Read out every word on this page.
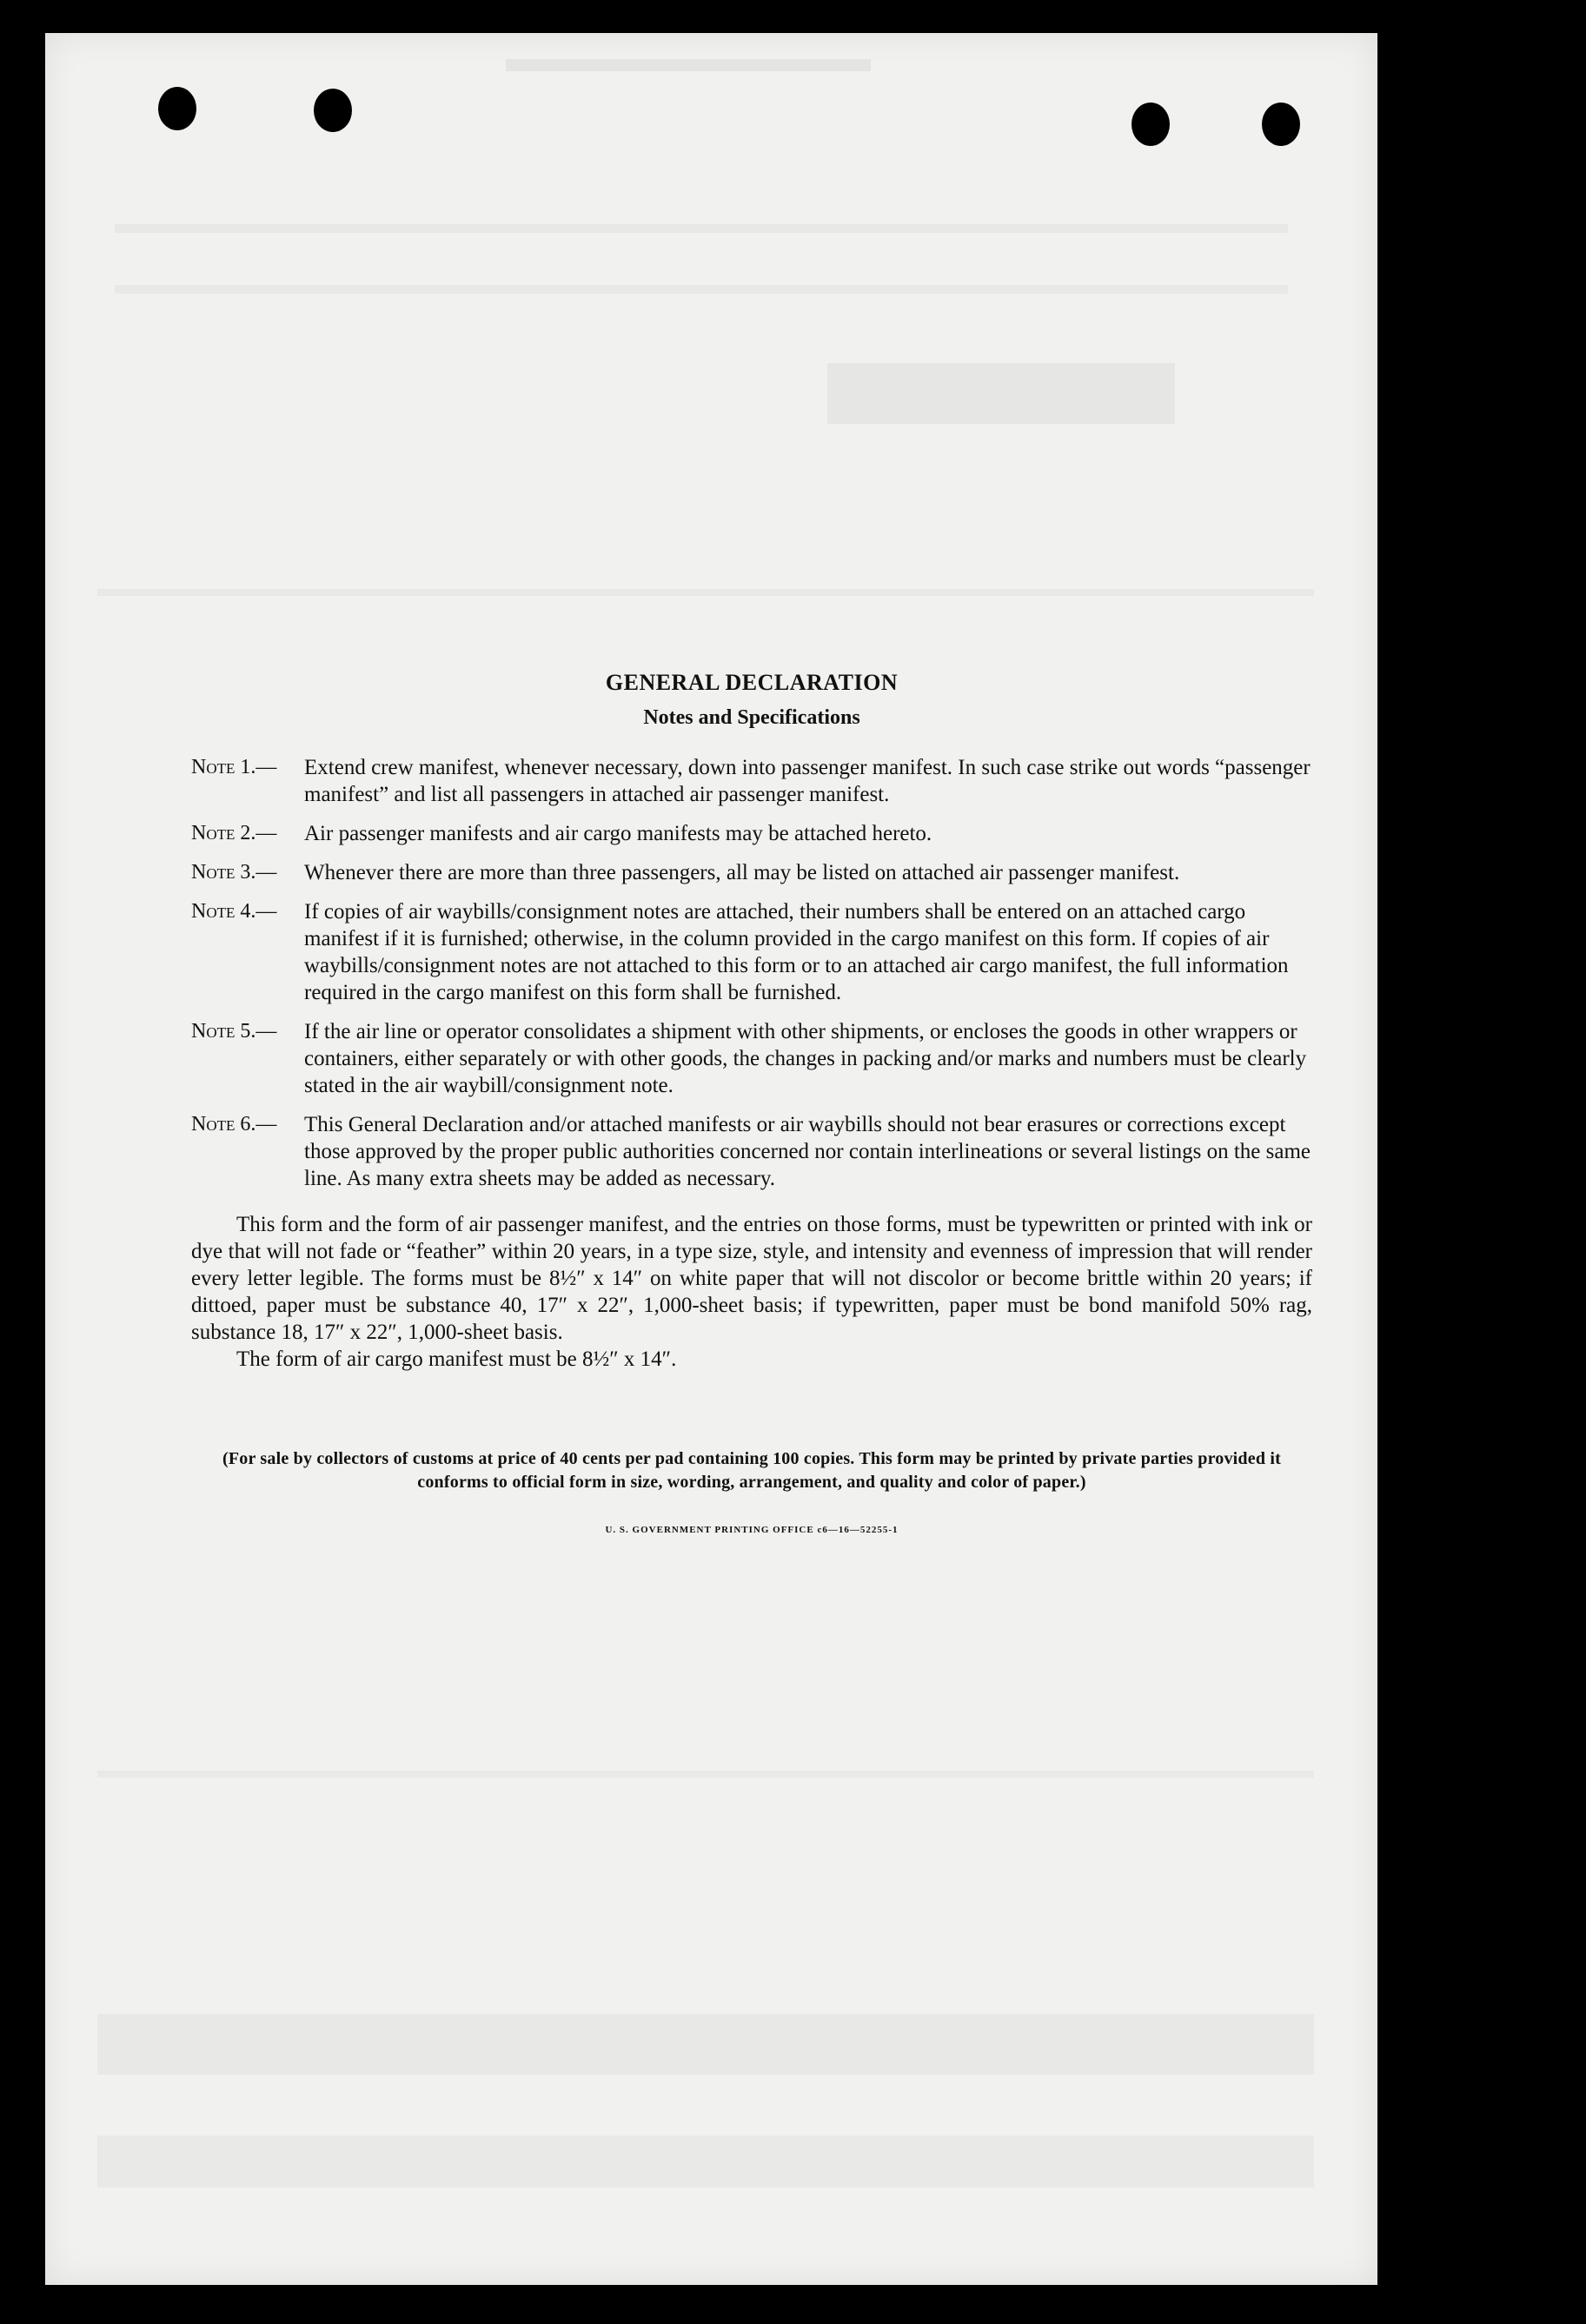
GENERAL DECLARATION
Notes and Specifications
Note 1.—	Extend crew manifest, whenever necessary, down into passenger manifest. In such case strike out words “passenger manifest” and list all passengers in attached air passenger manifest.
Note 2.—	Air passenger manifests and air cargo manifests may be attached hereto.
Note 3.—	Whenever there are more than three passengers, all may be listed on attached air passenger manifest.
Note 4.—	If copies of air waybills/consignment notes are attached, their numbers shall be entered on an attached cargo manifest if it is furnished; otherwise, in the column provided in the cargo manifest on this form. If copies of air waybills/consignment notes are not attached to this form or to an attached air cargo manifest, the full information required in the cargo manifest on this form shall be furnished.
Note 5.—	If the air line or operator consolidates a shipment with other shipments, or encloses the goods in other wrappers or containers, either separately or with other goods, the changes in packing and/or marks and numbers must be clearly stated in the air waybill/consignment note.
Note 6.—	This General Declaration and/or attached manifests or air waybills should not bear erasures or corrections except those approved by the proper public authorities concerned nor contain interlineations or several listings on the same line. As many extra sheets may be added as necessary.

This form and the form of air passenger manifest, and the entries on those forms, must be typewritten or printed with ink or dye that will not fade or “feather” within 20 years, in a type size, style, and intensity and evenness of impression that will render every letter legible. The forms must be 8½″ x 14″ on white paper that will not discolor or become brittle within 20 years; if dittoed, paper must be substance 40, 17″ x 22″, 1,000-sheet basis; if typewritten, paper must be bond manifold 50% rag, substance 18, 17″ x 22″, 1,000-sheet basis.

The form of air cargo manifest must be 8½″ x 14″.

(For sale by collectors of customs at price of 40 cents per pad containing 100 copies. This form may be printed by private parties provided it conforms to official form in size, wording, arrangement, and quality and color of paper.)
U. S. GOVERNMENT PRINTING OFFICE c6—16—52255-1
